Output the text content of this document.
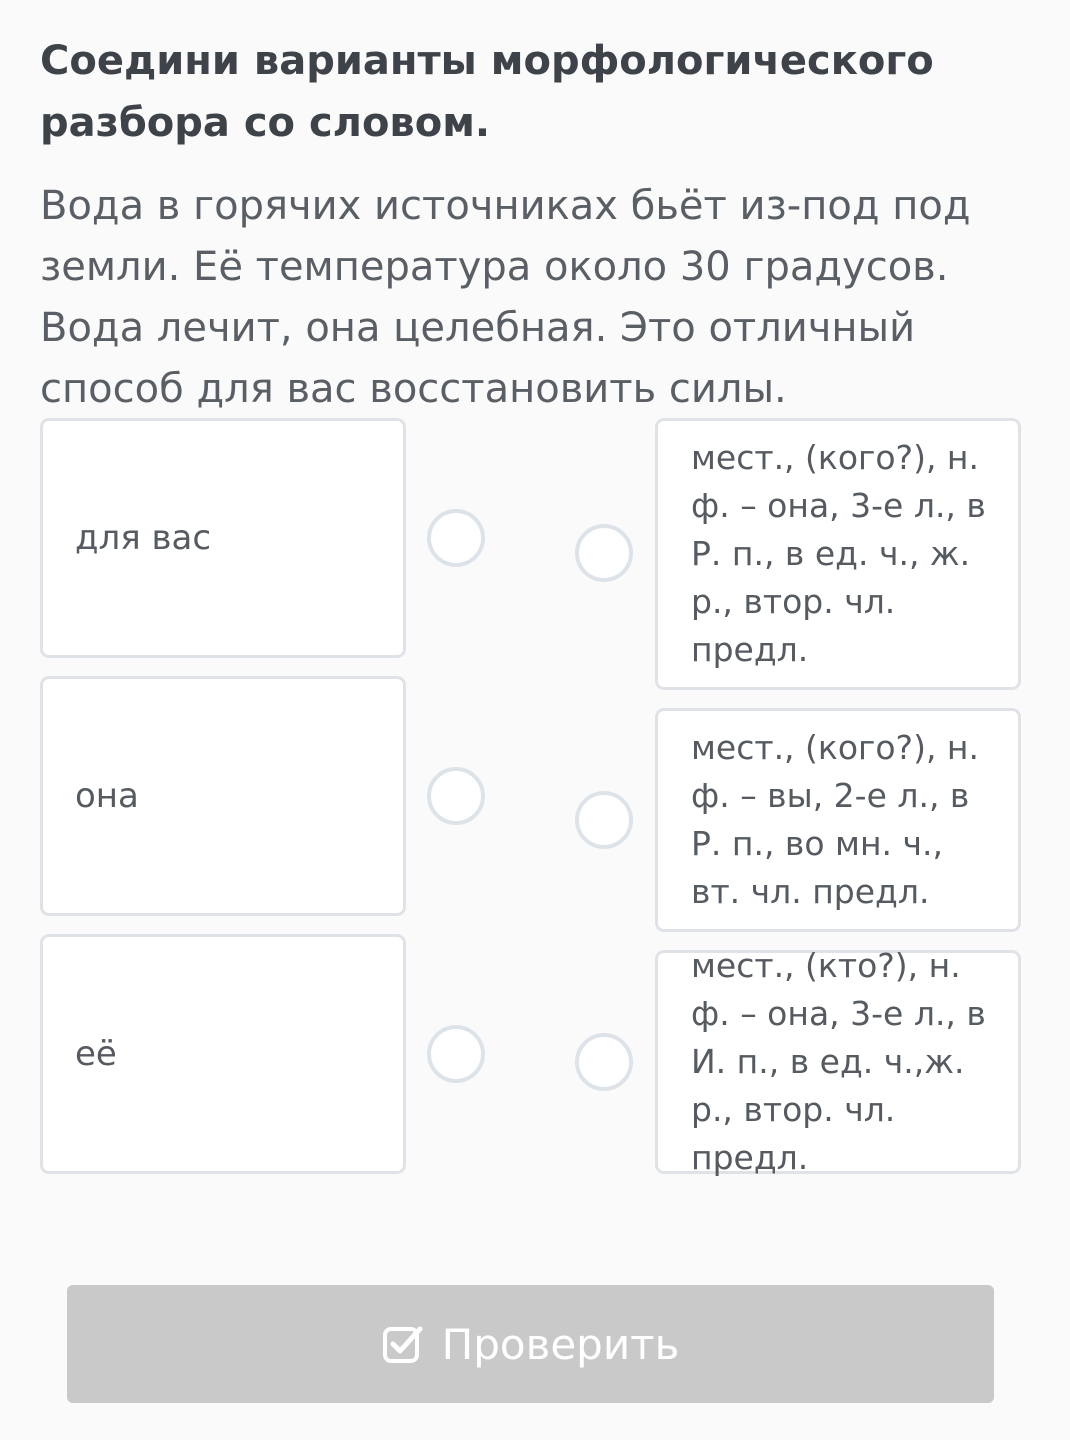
Соедини варианты морфологического разбора со словом.

Вода в горячих источниках бьёт из-под под земли. Её температура около 30 градусов. Вода лечит, она целебная. Это отличный способ для вас восстановить силы.

для вас
она
её
мест., (кого?), н. ф. – она, 3-е л., в Р. п., в ед. ч., ж. р., втор. чл. предл.
мест., (кого?), н. ф. – вы, 2-е л., в Р. п., во мн. ч., вт. чл. предл.
мест., (кто?), н. ф. – она, 3-е л., в И. п., в ед. ч.,ж. р., втор. чл. предл.
Проверить
